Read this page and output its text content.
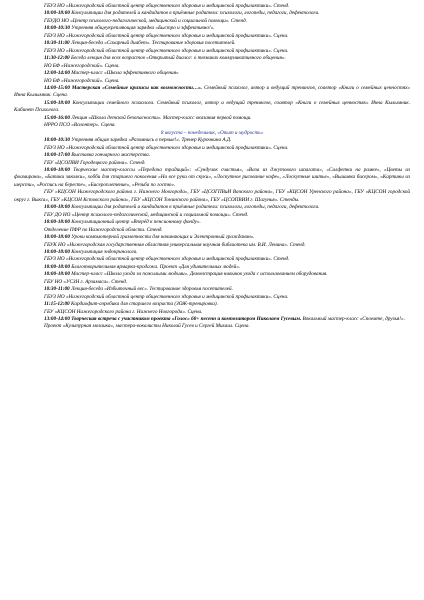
ГБУЗ НО «Нижегородский областной центр общественного здоровья и медицинской профилактики». Стенд.

10:00-18:00 Консультации для родителей и кандидатов в приёмные родители: психологи, логопеды, педагоги, дефектологи.

ГБУДО НО «Центр психолого-педагогической, медицинской и социальной помощи». Стенд.

10:00-10:30 Утренняя общеукрепляющая зарядка «Быстро и эффективно!».

ГБУЗ НО «Нижегородский областной центр общественного здоровья и медицинской профилактики». Сцена.

10:30-11:00 Лекция-беседа «Сахарный диабет». Тестирование здоровья посетителей.

ГБУЗ НО «Нижегородский областной центр общественного здоровья и медицинской профилактики». Сцена.

11:30-12:00 Беседа лекция для всех возрастов «Открытый диалог: о техниках коммуникативного общения».

НО БФ «Нижегородский». Сцена.

12:00-14:00 Мастер-класс «Школа эффективного общения»

НО БФ «Нижегородский». Сцена.

14:00-15:00 Мастерская «Семейные кризисы как возможности…». Семейный психолог, автор и ведущий тренингов, соавтор «Книги о семейных ценностях» Инна Кылымник. Сцена.

15:00-18:00 Консультации семейного психолога. Семейный психолог, автор и ведущий тренингов, соавтор «Книги о семейных ценностях» Инна Кылымник. Кабинет Психолога.

15:00-16:00 Лекция «Школа детской безопасности». Мастер-класс оказания первой помощи.

НРРО ПСО «Волонтер». Сцена.

8 августа – понедельник, «Опыт и мудрость»

10:00-10:30 Утренняя общая зарядка «Разомнись в первые!». Тренер Курочкина А.Д.

ГБУЗ НО «Нижегородский областной центр общественного здоровья и медицинской профилактики». Сцена.

10:00-17:00 Выставка гончарного мастерства.

ГБУ «ЦСОПВИ Городецкого района». Стенд.

10:00-18:00 Творческие мастер-классы «Передача традиций»: «Сундучок счастья», «Ваза из джутового шпагата», «Салфетки на рамке», «Цветы из фоамирана», «Батики заколки», хобби для старшего поколения «На все руки от скуки», «Лоскутное рисование кофе», «Лоскутные шитье», «Вышивка бисером», «Картины из шерсти», «Роспись на бересте», «Бисероплетение», «Резьба по гостю».

ГБУ «КЦСОН Нижегородского района г. Нижнего Новгорода», ГБУ «ЦСОГПВиИ Вачского района», ГБУ «КЦСОН Уренского района», ГБУ «КЦСОН городской округ г. Выкса», ГБУ «КЦСОН Кстовского района», ГБУ «КЦСОН Тонинского района», ГБУ «ЦСОПВИИ г. Шагунья». Стенды.

10:00-18:00 Консультации для родителей и кандидатов в приёмные родители: психологи, логопеды, педагоги, дефектологи.

ГБУ ДО НО «Центр психолого-педагогической, медицинской и социальной помощи». Стенд.

10:00-18:00 Консультационный центр «Вперёд к пенсионному фонду».

Отделение ПФР по Нижегородской области. Стенд.

10:00-18:00 Уроки компьютерной грамотности для начинающих и Электронный гражданин».

ГБУК НО «Нижегородская государственная областная универсальная научная библиотека им. В.И. Ленина». Стенд.

10:00-18:00 Консультация эндокринолога.

ГБУЗ НО «Нижегородский областной центр общественного здоровья и медицинской профилактики». Стенд.

10:00-18:00 Благотворительная ярмарка-продажа. Проект «Для удивительных людей».

10:00-18:00 Мастер-класс «Школа ухода за пожилыми людьми». Демонстрация навыков ухода с использованием оборудования.

ГБУ НО «УСЗН г. Арзамаса». Стенд.

10:30-11:00 Лекция-беседа «Избыточный вес». Тестирование здоровья посетителей.

ГБУЗ НО «Нижегородский областной центр общественного здоровья и медицинской профилактики». Сцена.

11:15-12:00 Кардиофит-аэробика для старшего возраста (ЗОЖ-тренировка).

ГБУ «КЦСОН Нижегородского района г. Нижнего Новгорода». Сцена.

13:00-14:00 Творческая встреча с участником проекта «Голос» 60+ песенн и композитором Николаем Гусевым. Вокальный мастер-класс «Споемте, друзья!».

Проект «Культурная мозаика», мастера-вокалисты Николай Гусев и Сергей Михаил. Сцена.
